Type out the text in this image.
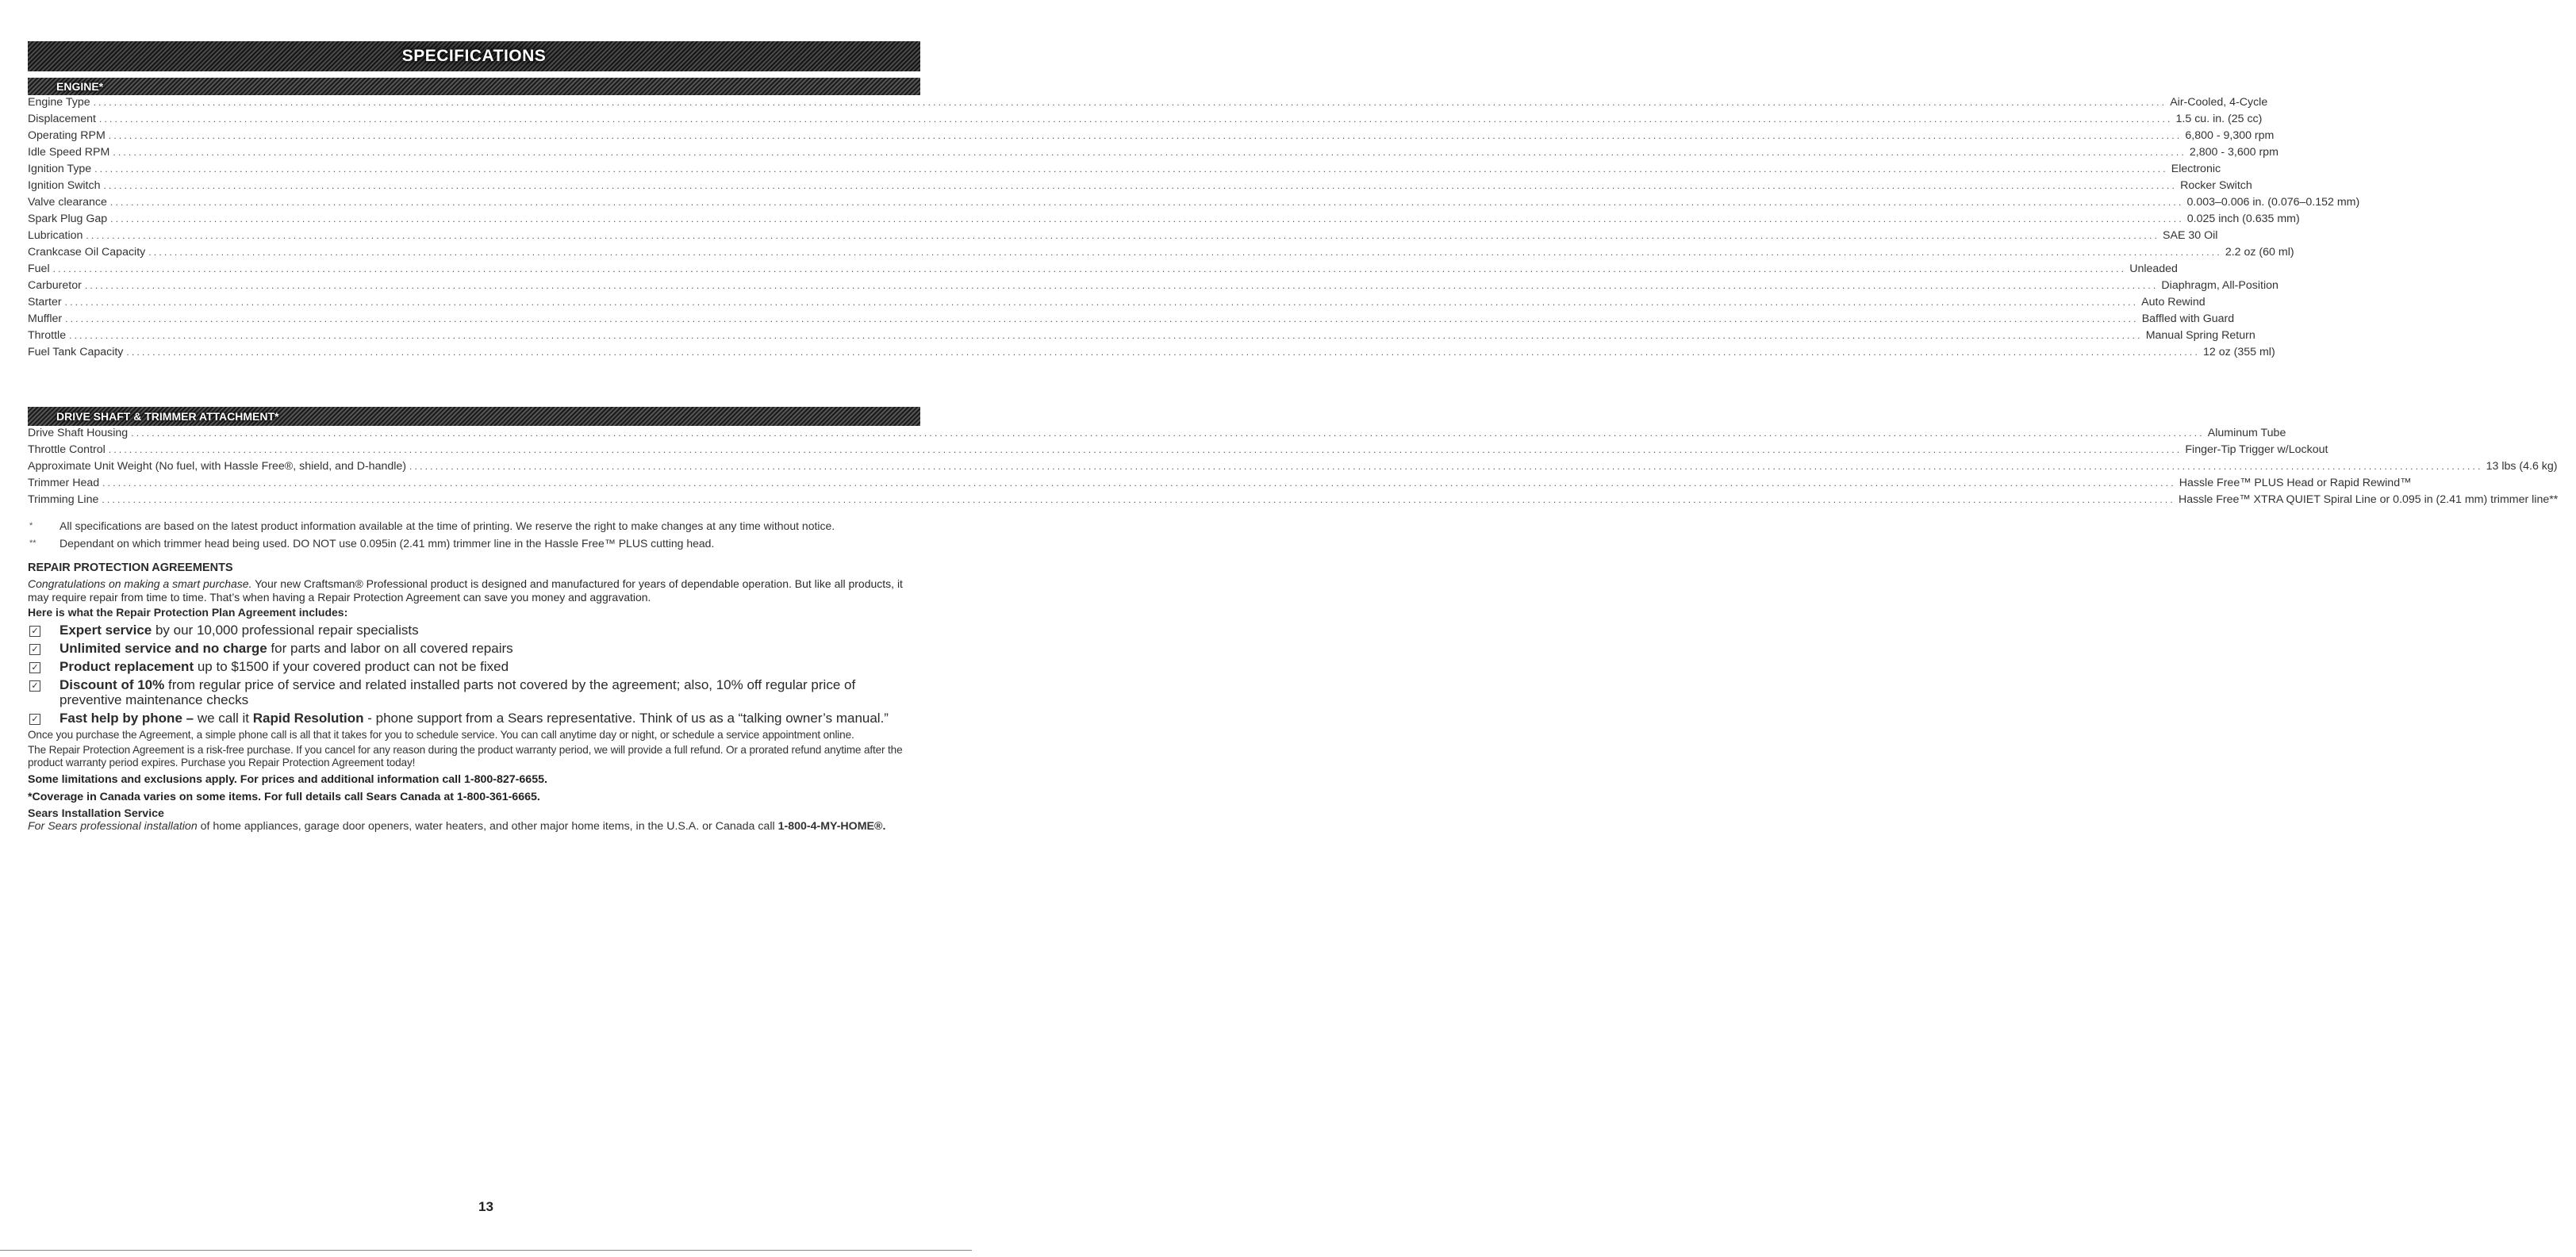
SPECIFICATIONS
ENGINE*
Engine Type ................................................................................................................................................................................................................................................................................................................................................................................................................ Air-Cooled, 4-Cycle
Displacement ................................................................................................................................................................................................................................................................................................................................................................................................................ 1.5 cu. in. (25 cc)
Operating RPM ................................................................................................................................................................................................................................................................................................................................................................................................................ 6,800 - 9,300 rpm
Idle Speed RPM ................................................................................................................................................................................................................................................................................................................................................................................................................ 2,800 - 3,600 rpm
Ignition Type ................................................................................................................................................................................................................................................................................................................................................................................................................ Electronic
Ignition Switch ................................................................................................................................................................................................................................................................................................................................................................................................................ Rocker Switch
Valve clearance ................................................................................................................................................................................................................................................................................................................................................................................................................ 0.003–0.006 in. (0.076–0.152 mm)
Spark Plug Gap ................................................................................................................................................................................................................................................................................................................................................................................................................ 0.025 inch (0.635 mm)
Lubrication ................................................................................................................................................................................................................................................................................................................................................................................................................ SAE 30 Oil
Crankcase Oil Capacity ................................................................................................................................................................................................................................................................................................................................................................................................................ 2.2 oz (60 ml)
Fuel ................................................................................................................................................................................................................................................................................................................................................................................................................ Unleaded
Carburetor ................................................................................................................................................................................................................................................................................................................................................................................................................ Diaphragm, All-Position
Starter ................................................................................................................................................................................................................................................................................................................................................................................................................ Auto Rewind
Muffler ................................................................................................................................................................................................................................................................................................................................................................................................................ Baffled with Guard
Throttle ................................................................................................................................................................................................................................................................................................................................................................................................................ Manual Spring Return
Fuel Tank Capacity ................................................................................................................................................................................................................................................................................................................................................................................................................ 12 oz (355 ml)
DRIVE SHAFT & TRIMMER ATTACHMENT*
Drive Shaft Housing ................................................................................................................................................................................................................................................................................................................................................................................................................ Aluminum Tube
Throttle Control ................................................................................................................................................................................................................................................................................................................................................................................................................ Finger-Tip Trigger w/Lockout
Approximate Unit Weight (No fuel, with Hassle Free®, shield, and D-handle) ................................................................................................................................................................................................................................................................................................................................................................................................................ 13 lbs (4.6 kg)
Trimmer Head ................................................................................................................................................................................................................................................................................................................................................................................................................ Hassle Free™ PLUS Head or Rapid Rewind™
Trimming Line ................................................................................................................................................................................................................................................................................................................................................................................................................ Hassle Free™ XTRA QUIET Spiral Line or 0.095 in (2.41 mm) trimmer line**
*	All specifications are based on the latest product information available at the time of printing. We reserve the right to make changes at any time without notice.
**	Dependant on which trimmer head being used. DO NOT use 0.095in (2.41 mm) trimmer line in the Hassle Free™ PLUS cutting head.
REPAIR PROTECTION AGREEMENTS
Congratulations on making a smart purchase. Your new Craftsman® Professional product is designed and manufactured for years of dependable operation. But like all products, it may require repair from time to time. That’s when having a Repair Protection Agreement can save you money and aggravation.
Here is what the Repair Protection Plan Agreement includes:
✓ Expert service by our 10,000 professional repair specialists
✓ Unlimited service and no charge for parts and labor on all covered repairs
✓ Product replacement up to $1500 if your covered product can not be fixed
✓ Discount of 10% from regular price of service and related installed parts not covered by the agreement; also, 10% off regular price of preventive maintenance checks
✓ Fast help by phone – we call it Rapid Resolution - phone support from a Sears representative. Think of us as a “talking owner’s manual.”
Once you purchase the Agreement, a simple phone call is all that it takes for you to schedule service. You can call anytime day or night, or schedule a service appointment online.
The Repair Protection Agreement is a risk-free purchase. If you cancel for any reason during the product warranty period, we will provide a full refund. Or a prorated refund anytime after the product warranty period expires. Purchase you Repair Protection Agreement today!
Some limitations and exclusions apply. For prices and additional information call 1-800-827-6655.
*Coverage in Canada varies on some items. For full details call Sears Canada at 1-800-361-6665.
Sears Installation Service
For Sears professional installation of home appliances, garage door openers, water heaters, and other major home items, in the U.S.A. or Canada call 1-800-4-MY-HOME®.
13
